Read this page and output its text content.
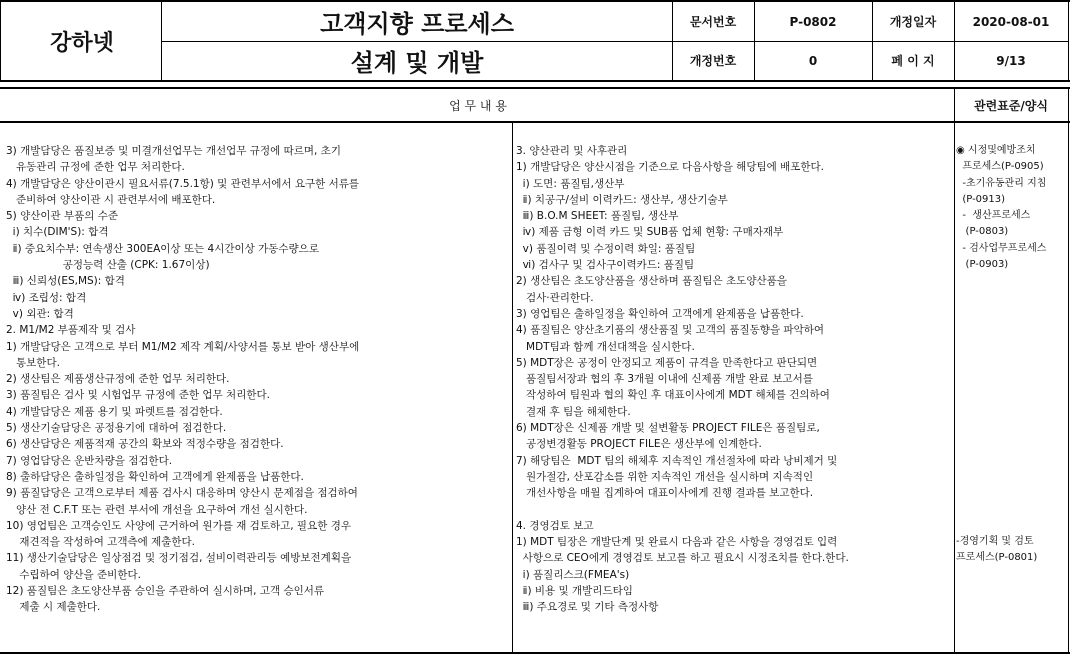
강하넷
고객지향 프로세스
설계 및 개발
문서번호	P-0802	개정일자	2020-08-01
개정번호	0	페 이 지	9/13
업 무 내 용	관련표준/양식
3) 개발담당은 품질보증 및 미결개선업무는 개선업무 규정에 따르며, 초기
유동관리 규정에 준한 업무 처리한다.
4) 개발담당은 양산이관시 필요서류(7.5.1항) 및 관련부서에서 요구한 서류를
준비하여 양산이관 시 관련부서에 배포한다.
5) 양산이관 부품의 수준
ⅰ) 치수(DIM'S): 합격
ⅱ) 중요치수부: 연속생산 300EA이상 또는 4시간이상 가동수량으로
공정능력 산출 (CPK: 1.67이상)
ⅲ) 신뢰성(ES,MS): 합격
ⅳ) 조립성: 합격
ⅴ) 외관: 합격
2. M1/M2 부품제작 및 검사
1) 개발담당은 고객으로 부터 M1/M2 제작 계획/사양서를 통보 받아 생산부에
통보한다.
2) 생산팀은 제품생산규정에 준한 업무 처리한다.
3) 품질팀은 검사 및 시험업무 규정에 준한 업무 처리한다.
4) 개발담당은 제품 용기 및 파렛트를 점검한다.
5) 생산기술담당은 공정용기에 대하여 점검한다.
6) 생산담당은 제품적재 공간의 확보와 적정수량을 점검한다.
7) 영업담당은 운반차량을 점검한다.
8) 출하담당은 출하일정을 확인하여 고객에게 완제품을 납품한다.
9) 품질담당은 고객으로부터 제품 검사시 대응하며 양산시 문제점을 점검하여
양산 전 C.F.T 또는 관련 부서에 개선을 요구하여 개선 실시한다.
10) 영업팀은 고객승인도 사양에 근거하여 원가를 재 검토하고, 필요한 경우
재견적을 작성하여 고객측에 제출한다.
11) 생산기술담당은 일상점검 및 정기점검, 설비이력관리등 예방보전계획을
수립하여 양산을 준비한다.
12) 품질팀은 초도양산부품 승인을 주관하여 실시하며, 고객 승인서류
제출 시 제출한다.
3. 양산관리 및 사후관리
1) 개발담당은 양산시점을 기준으로 다음사항을 해당팀에 배포한다.
ⅰ) 도면: 품질팀,생산부
ⅱ) 치공구/설비 이력카드: 생산부, 생산기술부
ⅲ) B.O.M SHEET: 품질팀, 생산부
ⅳ) 제품 금형 이력 카드 및 SUB품 업체 현황: 구매자재부
ⅴ) 품질이력 및 수정이력 화일: 품질팀
ⅵ) 검사구 및 검사구이력카드: 품질팀
2) 생산팀은 초도양산품을 생산하며 품질팀은 초도양산품을
검사·관리한다.
3) 영업팀은 출하일정을 확인하여 고객에게 완제품을 납품한다.
4) 품질팀은 양산초기품의 생산품질 및 고객의 품질동향을 파악하여
MDT팀과 함께 개선대책을 실시한다.
5) MDT장은 공정이 안정되고 제품이 규격을 만족한다고 판단되면
품질팀서장과 협의 후 3개월 이내에 신제품 개발 완료 보고서를
작성하여 팀원과 협의 확인 후 대표이사에게 MDT 해체를 건의하여
결재 후 팀을 해체한다.
6) MDT장은 신제품 개발 및 설변활동 PROJECT FILE은 품질팀로,
공정변경활동 PROJECT FILE은 생산부에 인계한다.
7) 해당팀은  MDT 팀의 해체후 지속적인 개선절차에 따라 낭비제거 및
원가절감, 산포감소를 위한 지속적인 개선을 실시하며 지속적인
개선사항을 매월 집계하여 대표이사에게 진행 결과를 보고한다.
4. 경영검토 보고
1) MDT 팀장은 개발단계 및 완료시 다음과 같은 사항을 경영검토 입력
사항으로 CEO에게 경영검토 보고를 하고 필요시 시정조치를 한다.한다.
ⅰ) 품질리스크(FMEA's)
ⅱ) 비용 및 개발리드타임
ⅲ) 주요경로 및 기타 측정사항
◉ 시정및예방조치
프로세스(P-0905)
-초기유동관리 지침
(P-0913)
-  생산프로세스
(P-0803)
- 검사업무프로세스
(P-0903)
-경영기획 및 검토
프로세스(P-0801)
